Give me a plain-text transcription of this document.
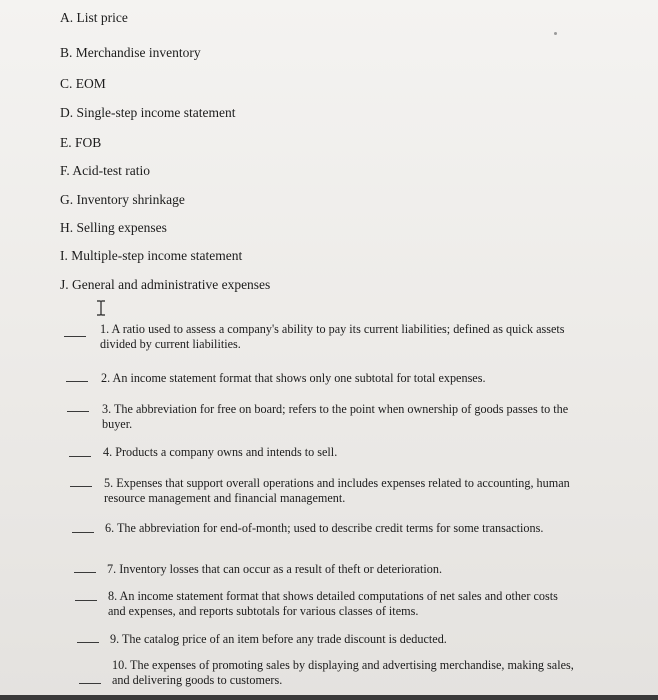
A. List price
B. Merchandise inventory
C. EOM
D. Single-step income statement
E. FOB
F. Acid-test ratio
G. Inventory shrinkage
H. Selling expenses
I. Multiple-step income statement
J. General and administrative expenses
1. A ratio used to assess a company's ability to pay its current liabilities; defined as quick assets
divided by current liabilities.
2. An income statement format that shows only one subtotal for total expenses.
3. The abbreviation for free on board; refers to the point when ownership of goods passes to the
buyer.
4. Products a company owns and intends to sell.
5. Expenses that support overall operations and includes expenses related to accounting, human
resource management and financial management.
6. The abbreviation for end-of-month; used to describe credit terms for some transactions.
7. Inventory losses that can occur as a result of theft or deterioration.
8. An income statement format that shows detailed computations of net sales and other costs
and expenses, and reports subtotals for various classes of items.
9. The catalog price of an item before any trade discount is deducted.
10. The expenses of promoting sales by displaying and advertising merchandise, making sales,
and delivering goods to customers.
